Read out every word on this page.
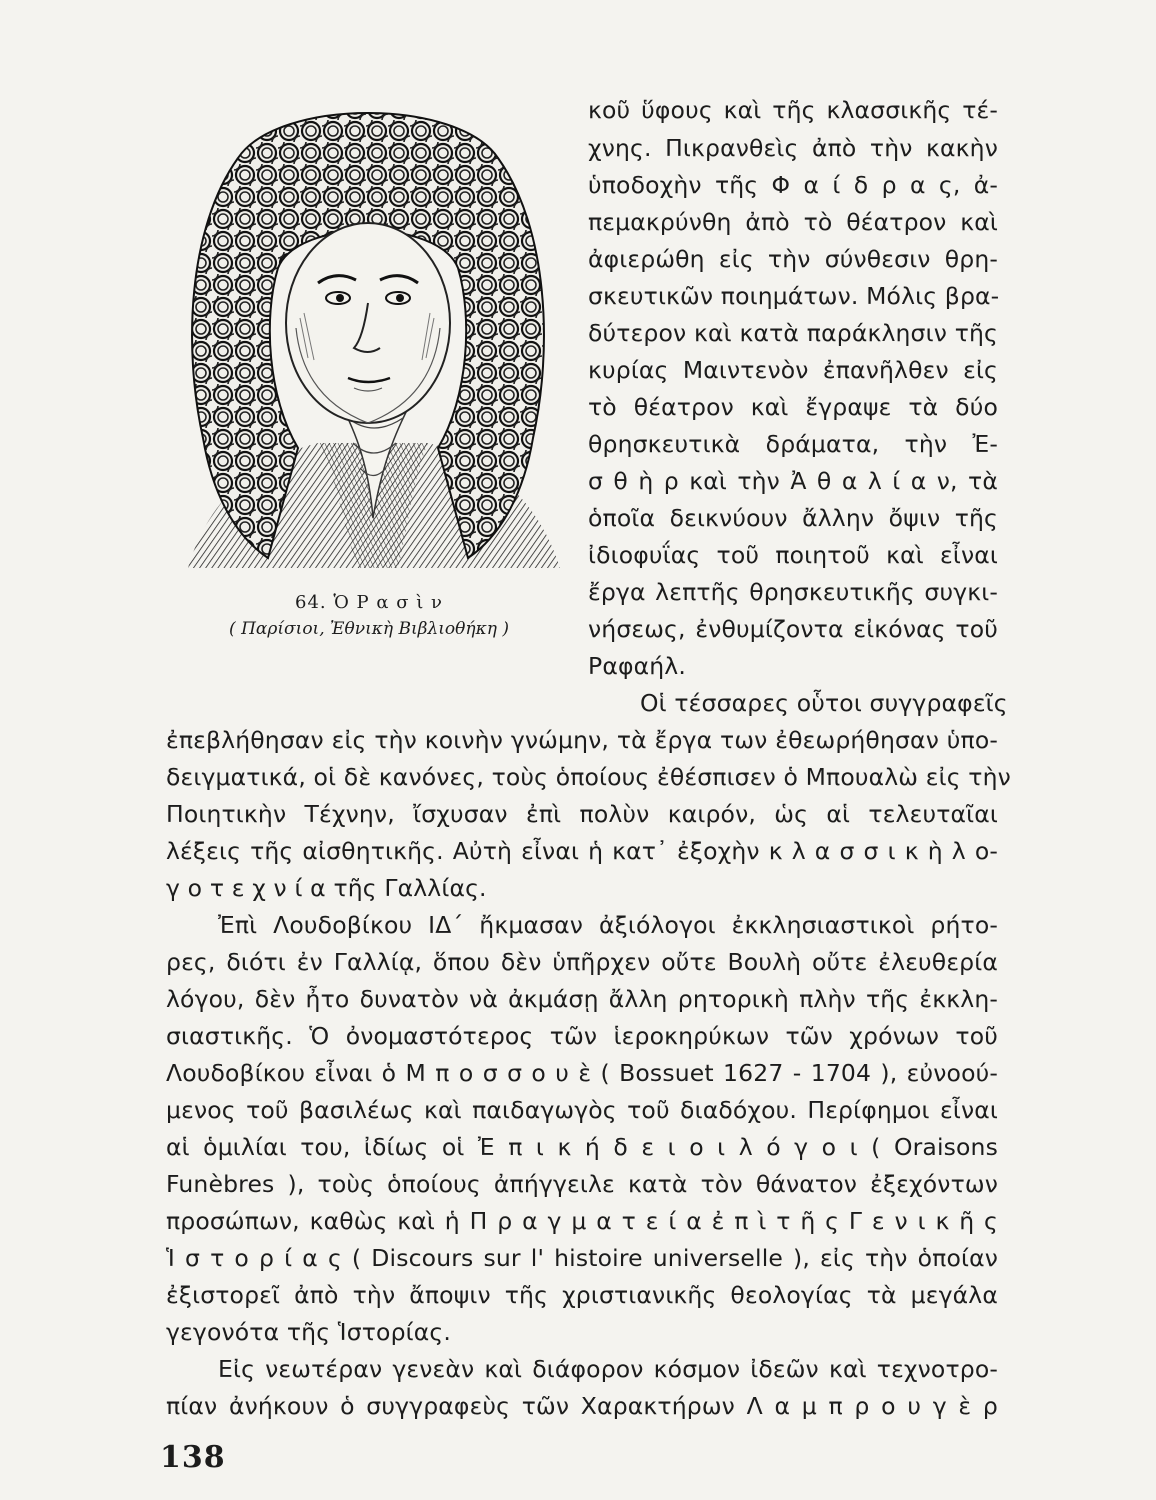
64. Ὁ Ρ α σ ὶ ν
( Παρίσιοι, Ἐθνικὴ Βιβλιοθήκη )
κοῦ ὕφους καὶ τῆς κλασσικῆς τέ-
χνης. Πικρανθεὶς ἀπὸ τὴν κακὴν
ὑποδοχὴν τῆς Φ α ί δ ρ α ς, ἀ-
πεμακρύνθη ἀπὸ τὸ θέατρον καὶ
ἀφιερώθη εἰς τὴν σύνθεσιν θρη-
σκευτικῶν ποιημάτων. Μόλις βρα-
δύτερον καὶ κατὰ παράκλησιν τῆς
κυρίας Μαιντενὸν ἐπανῆλθεν εἰς
τὸ θέατρον καὶ ἔγραψε τὰ δύο
θρησκευτικὰ δράματα, τὴν Ἐ-
σ θ ὴ ρ καὶ τὴν Ἀ θ α λ ί α ν, τὰ
ὁποῖα δεικνύουν ἄλλην ὄψιν τῆς
ἰδιοφυΐας τοῦ ποιητοῦ καὶ εἶναι
ἔργα λεπτῆς θρησκευτικῆς συγκι-
νήσεως, ἐνθυμίζοντα εἰκόνας τοῦ
Ραφαήλ.
Οἱ τέσσαρες οὗτοι συγγραφεῖς
ἐπεβλήθησαν εἰς τὴν κοινὴν γνώμην, τὰ ἔργα των ἐθεωρήθησαν ὑπο-
δειγματικά, οἱ δὲ κανόνες, τοὺς ὁποίους ἐθέσπισεν ὁ Μπουαλὼ εἰς τὴν
Ποιητικὴν Τέχνην, ἴσχυσαν ἐπὶ πολὺν καιρόν, ὡς αἱ τελευταῖαι
λέξεις τῆς αἰσθητικῆς. Αὐτὴ εἶναι ἡ κατ᾽ ἐξοχὴν κ λ α σ σ ι κ ὴ λ ο-
γ ο τ ε χ ν ί α τῆς Γαλλίας.
Ἐπὶ Λουδοβίκου ΙΔ΄ ἤκμασαν ἀξιόλογοι ἐκκλησιαστικοὶ ρήτο-
ρες, διότι ἐν Γαλλίᾳ, ὅπου δὲν ὑπῆρχεν οὔτε Βουλὴ οὔτε ἐλευθερία
λόγου, δὲν ἦτο δυνατὸν νὰ ἀκμάσῃ ἄλλη ρητορικὴ πλὴν τῆς ἐκκλη-
σιαστικῆς. Ὁ ὀνομαστότερος τῶν ἱεροκηρύκων τῶν χρόνων τοῦ
Λουδοβίκου εἶναι ὁ Μ π ο σ σ ο υ ὲ ( Bossuet 1627 - 1704 ), εὐνοού-
μενος τοῦ βασιλέως καὶ παιδαγωγὸς τοῦ διαδόχου. Περίφημοι εἶναι
αἱ ὁμιλίαι του, ἰδίως οἱ Ἐ π ι κ ή δ ε ι ο ι λ ό γ ο ι ( Oraisons
Funèbres ), τοὺς ὁποίους ἀπήγγειλε κατὰ τὸν θάνατον ἐξεχόντων
προσώπων, καθὼς καὶ ἡ Π ρ α γ μ α τ ε ί α ἐ π ὶ τ ῆ ς Γ ε ν ι κ ῆ ς
Ἱ σ τ ο ρ ί α ς ( Discours sur l' histoire universelle ), εἰς τὴν ὁποίαν
ἐξιστορεῖ ἀπὸ τὴν ἄποψιν τῆς χριστιανικῆς θεολογίας τὰ μεγάλα
γεγονότα τῆς Ἱστορίας.
Εἰς νεωτέραν γενεὰν καὶ διάφορον κόσμον ἰδεῶν καὶ τεχνοτρο-
πίαν ἀνήκουν ὁ συγγραφεὺς τῶν Χαρακτήρων Λ α μ π ρ ο υ γ ὲ ρ
138
